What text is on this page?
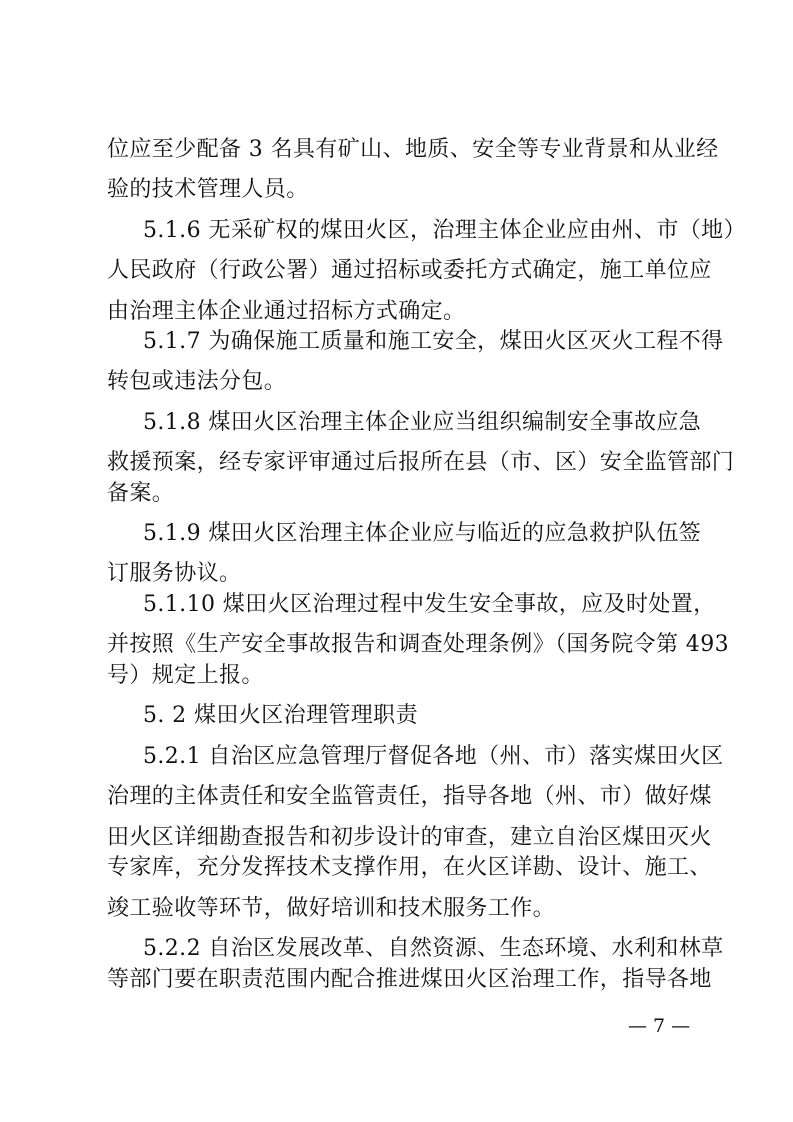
位应至少配备 3 名具有矿山、地质、安全等专业背景和从业经
验的技术管理人员。
5.1.6 无采矿权的煤田火区，治理主体企业应由州、市（地）
人民政府（行政公署）通过招标或委托方式确定，施工单位应
由治理主体企业通过招标方式确定。
5.1.7 为确保施工质量和施工安全，煤田火区灭火工程不得
转包或违法分包。
5.1.8 煤田火区治理主体企业应当组织编制安全事故应急
救援预案，经专家评审通过后报所在县（市、区）安全监管部门
备案。
5.1.9 煤田火区治理主体企业应与临近的应急救护队伍签
订服务协议。
5.1.10 煤田火区治理过程中发生安全事故，应及时处置，
并按照《生产安全事故报告和调查处理条例》（国务院令第 493
号）规定上报。
5. 2 煤田火区治理管理职责
5.2.1 自治区应急管理厅督促各地（州、市）落实煤田火区
治理的主体责任和安全监管责任，指导各地（州、市）做好煤
田火区详细勘查报告和初步设计的审查，建立自治区煤田灭火
专家库，充分发挥技术支撑作用，在火区详勘、设计、施工、
竣工验收等环节，做好培训和技术服务工作。
5.2.2 自治区发展改革、自然资源、生态环境、水利和林草
等部门要在职责范围内配合推进煤田火区治理工作，指导各地
— 7 —
